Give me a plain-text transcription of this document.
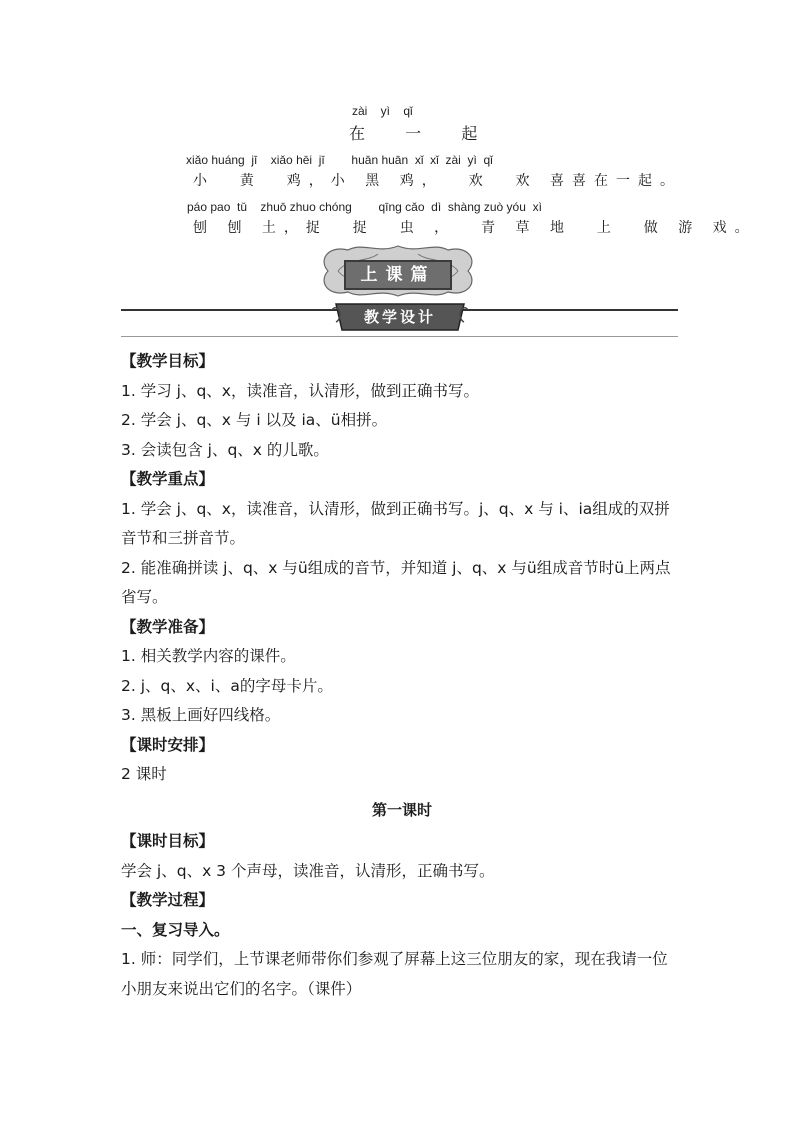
zài    yì    qǐ
在  一  起
xiǎo huáng  jī    xiǎo hēi  jī        huān huān  xǐ  xǐ  zài  yì  qǐ
小  黄  鸡，小 黑 鸡，  欢  欢 喜喜在一起。
páo pao  tǔ    zhuō zhuo chóng        qīng cǎo  dì  shàng zuò yóu  xì
刨 刨 土，捉  捉  虫 ，  青 草 地  上  做 游 戏。
上课篇
教学设计
【教学目标】
1. 学习 j、q、x，读准音，认清形，做到正确书写。
2. 学会 j、q、x 与 i 以及 ia、ü相拼。
3. 会读包含 j、q、x 的儿歌。
【教学重点】
1. 学会 j、q、x，读准音，认清形，做到正确书写。j、q、x 与 i、ia组成的双拼音节和三拼音节。
2. 能准确拼读 j、q、x 与ü组成的音节，并知道 j、q、x 与ü组成音节时ü上两点省写。
【教学准备】
1. 相关教学内容的课件。
2. j、q、x、i、a的字母卡片。
3. 黑板上画好四线格。
【课时安排】
2 课时
第一课时
【课时目标】
学会 j、q、x 3 个声母，读准音，认清形，正确书写。
【教学过程】
一、复习导入。
1. 师：同学们，上节课老师带你们参观了屏幕上这三位朋友的家，现在我请一位小朋友来说出它们的名字。（课件）
